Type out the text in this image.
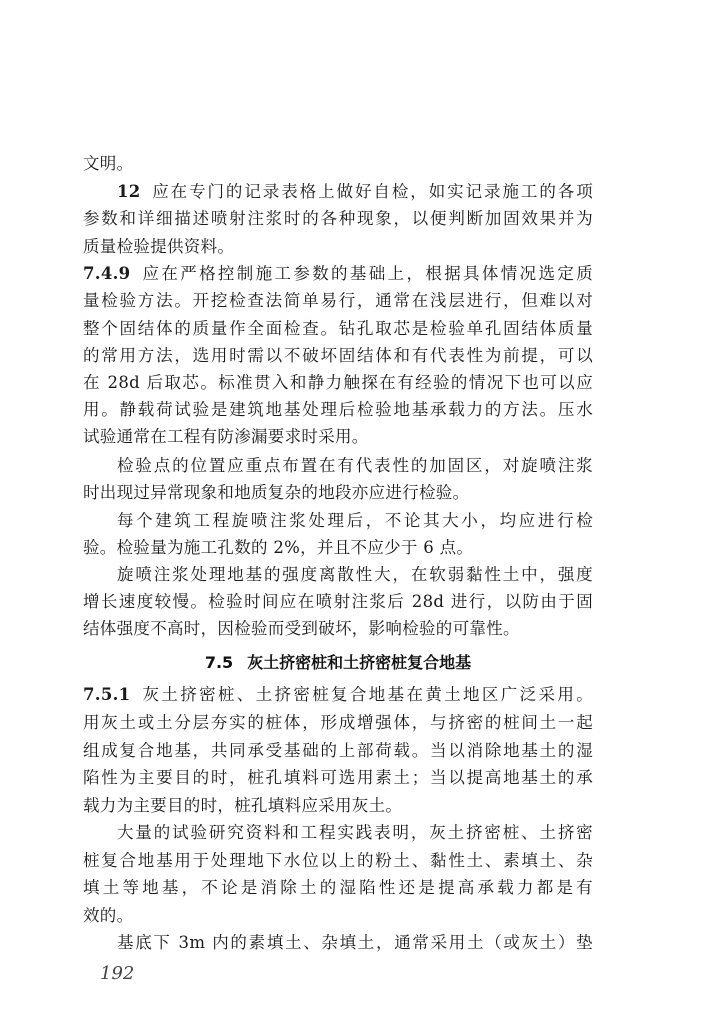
文明。
12 应在专门的记录表格上做好自检，如实记录施工的各项
参数和详细描述喷射注浆时的各种现象，以便判断加固效果并为
质量检验提供资料。
7.4.9 应在严格控制施工参数的基础上，根据具体情况选定质
量检验方法。开挖检查法简单易行，通常在浅层进行，但难以对
整个固结体的质量作全面检查。钻孔取芯是检验单孔固结体质量
的常用方法，选用时需以不破坏固结体和有代表性为前提，可以
在 28d 后取芯。标准贯入和静力触探在有经验的情况下也可以应
用。静载荷试验是建筑地基处理后检验地基承载力的方法。压水
试验通常在工程有防渗漏要求时采用。
检验点的位置应重点布置在有代表性的加固区，对旋喷注浆
时出现过异常现象和地质复杂的地段亦应进行检验。
每个建筑工程旋喷注浆处理后，不论其大小，均应进行检
验。检验量为施工孔数的 2%，并且不应少于 6 点。
旋喷注浆处理地基的强度离散性大，在软弱黏性土中，强度
增长速度较慢。检验时间应在喷射注浆后 28d 进行，以防由于固
结体强度不高时，因检验而受到破坏，影响检验的可靠性。
7.5 灰土挤密桩和土挤密桩复合地基
7.5.1 灰土挤密桩、土挤密桩复合地基在黄土地区广泛采用。
用灰土或土分层夯实的桩体，形成增强体，与挤密的桩间土一起
组成复合地基，共同承受基础的上部荷载。当以消除地基土的湿
陷性为主要目的时，桩孔填料可选用素土；当以提高地基土的承
载力为主要目的时，桩孔填料应采用灰土。
大量的试验研究资料和工程实践表明，灰土挤密桩、土挤密
桩复合地基用于处理地下水位以上的粉土、黏性土、素填土、杂
填土等地基，不论是消除土的湿陷性还是提高承载力都是有
效的。
基底下 3m 内的素填土、杂填土，通常采用土（或灰土）垫
192
